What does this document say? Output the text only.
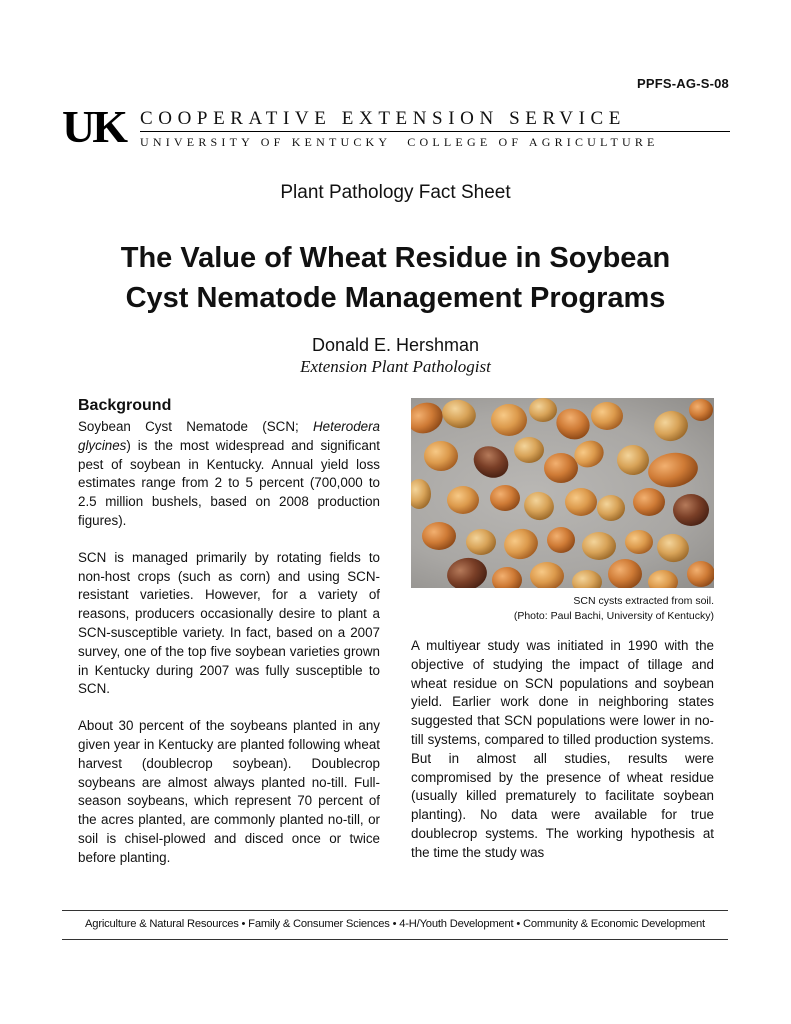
PPFS-AG-S-08
UK COOPERATIVE EXTENSION SERVICE
UNIVERSITY OF KENTUCKY COLLEGE OF AGRICULTURE
Plant Pathology Fact Sheet
The Value of Wheat Residue in Soybean
Cyst Nematode Management Programs
Donald E. Hershman
Extension Plant Pathologist
Background

Soybean Cyst Nematode (SCN; Heterodera glycines) is the most widespread and significant pest of soybean in Kentucky. Annual yield loss estimates range from 2 to 5 percent (700,000 to 2.5 million bushels, based on 2008 production figures).

SCN is managed primarily by rotating fields to non-host crops (such as corn) and using SCN-resistant varieties. However, for a variety of reasons, producers occasionally desire to plant a SCN-susceptible variety. In fact, based on a 2007 survey, one of the top five soybean varieties grown in Kentucky during 2007 was fully susceptible to SCN.

About 30 percent of the soybeans planted in any given year in Kentucky are planted following wheat harvest (doublecrop soybean). Doublecrop soybeans are almost always planted no-till. Full-season soybeans, which represent 70 percent of the acres planted, are commonly planted no-till, or soil is chisel-plowed and disced once or twice before planting.

SCN cysts extracted from soil.
(Photo: Paul Bachi, University of Kentucky)

A multiyear study was initiated in 1990 with the objective of studying the impact of tillage and wheat residue on SCN populations and soybean yield. Earlier work done in neighboring states suggested that SCN populations were lower in no-till systems, compared to tilled production systems. But in almost all studies, results were compromised by the presence of wheat residue (usually killed prematurely to facilitate soybean planting). No data were available for true doublecrop systems. The working hypothesis at the time the study was

Agriculture & Natural Resources • Family & Consumer Sciences • 4-H/Youth Development • Community & Economic Development
